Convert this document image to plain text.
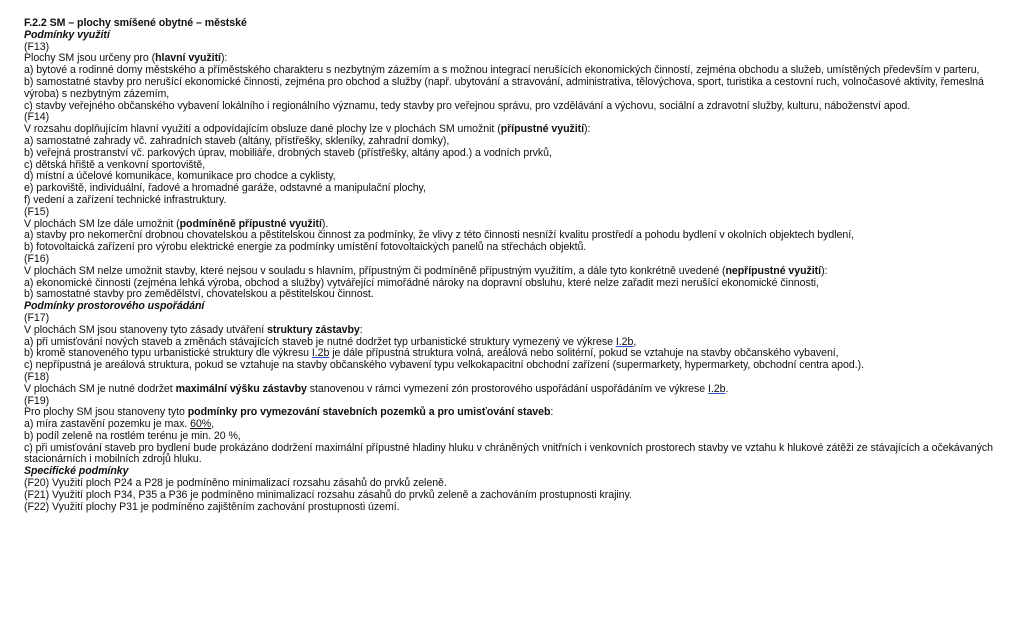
F.2.2 SM – plochy smíšené obytné – městské

Podmínky využití

(F13)

Plochy SM jsou určeny pro (hlavní využití):

a) bytové a rodinné domy městského a příměstského charakteru s nezbytným zázemím a s možnou integrací nerušících ekonomických činností, zejména obchodu a služeb, umístěných především v parteru,

b) samostatné stavby pro nerušící ekonomické činnosti, zejména pro obchod a služby (např. ubytování a stravování, administrativa, tělovýchova, sport, turistika a cestovní ruch, volnočasové aktivity, řemeslná výroba) s nezbytným zázemím,

c) stavby veřejného občanského vybavení lokálního i regionálního významu, tedy stavby pro veřejnou správu, pro vzdělávání a výchovu, sociální a zdravotní služby, kulturu, náboženství apod.

(F14)

V rozsahu doplňujícím hlavní využití a odpovídajícím obsluze dané plochy lze v plochách SM umožnit (přípustné využití):

a) samostatné zahrady vč. zahradních staveb (altány, přístřešky, skleníky, zahradní domky),

b) veřejná prostranství vč. parkových úprav, mobiliáře, drobných staveb (přístřešky, altány apod.) a vodních prvků,

c) dětská hřiště a venkovní sportoviště,

d) místní a účelové komunikace, komunikace pro chodce a cyklisty,

e) parkoviště, individuální, řadové a hromadné garáže, odstavné a manipulační plochy,

f) vedení a zařízení technické infrastruktury.

(F15)

V plochách SM lze dále umožnit (podmíněně přípustné využití).

a) stavby pro nekomerční drobnou chovatelskou a pěstitelskou činnost za podmínky, že vlivy z této činnosti nesníží kvalitu prostředí a pohodu bydlení v okolních objektech bydlení,

b) fotovoltaická zařízení pro výrobu elektrické energie za podmínky umístění fotovoltaických panelů na střechách objektů.

(F16)

V plochách SM nelze umožnit stavby, které nejsou v souladu s hlavním, přípustným či podmíněně přípustným využitím, a dále tyto konkrétně uvedené (nepřípustné využití):

a) ekonomické činnosti (zejména lehká výroba, obchod a služby) vytvářející mimořádné nároky na dopravní obsluhu, které nelze zařadit mezi nerušící ekonomické činnosti,

b) samostatné stavby pro zemědělství, chovatelskou a pěstitelskou činnost.

Podmínky prostorového uspořádání

(F17)

V plochách SM jsou stanoveny tyto zásady utváření struktury zástavby:

a) při umisťování nových staveb a změnách stávajících staveb je nutné dodržet typ urbanistické struktury vymezený ve výkrese I.2b,

b) kromě stanoveného typu urbanistické struktury dle výkresu I.2b je dále přípustná struktura volná, areálová nebo solitérní, pokud se vztahuje na stavby občanského vybavení,

c) nepřípustná je areálová struktura, pokud se vztahuje na stavby občanského vybavení typu velkokapacitní obchodní zařízení (supermarkety, hypermarkety, obchodní centra apod.).

(F18)

V plochách SM je nutné dodržet maximální výšku zástavby stanovenou v rámci vymezení zón prostorového uspořádání uspořádáním ve výkrese I.2b.

(F19)

Pro plochy SM jsou stanoveny tyto podmínky pro vymezování stavebních pozemků a pro umisťování staveb:

a) míra zastavění pozemku je max. 60%,

b) podíl zeleně na rostlém terénu je min. 20 %,

c) při umisťování staveb pro bydlení bude prokázáno dodržení maximální přípustné hladiny hluku v chráněných vnitřních i venkovních prostorech stavby ve vztahu k hlukové zátěži ze stávajících a očekávaných stacionárních i mobilních zdrojů hluku.

Specifické podmínky

(F20) Využití ploch P24 a P28 je podmíněno minimalizací rozsahu zásahů do prvků zeleně.

(F21) Využití ploch P34, P35 a P36 je podmíněno minimalizací rozsahu zásahů do prvků zeleně a zachováním prostupnosti krajiny.

(F22) Využití plochy P31 je podmíněno zajištěním zachování prostupnosti území.
